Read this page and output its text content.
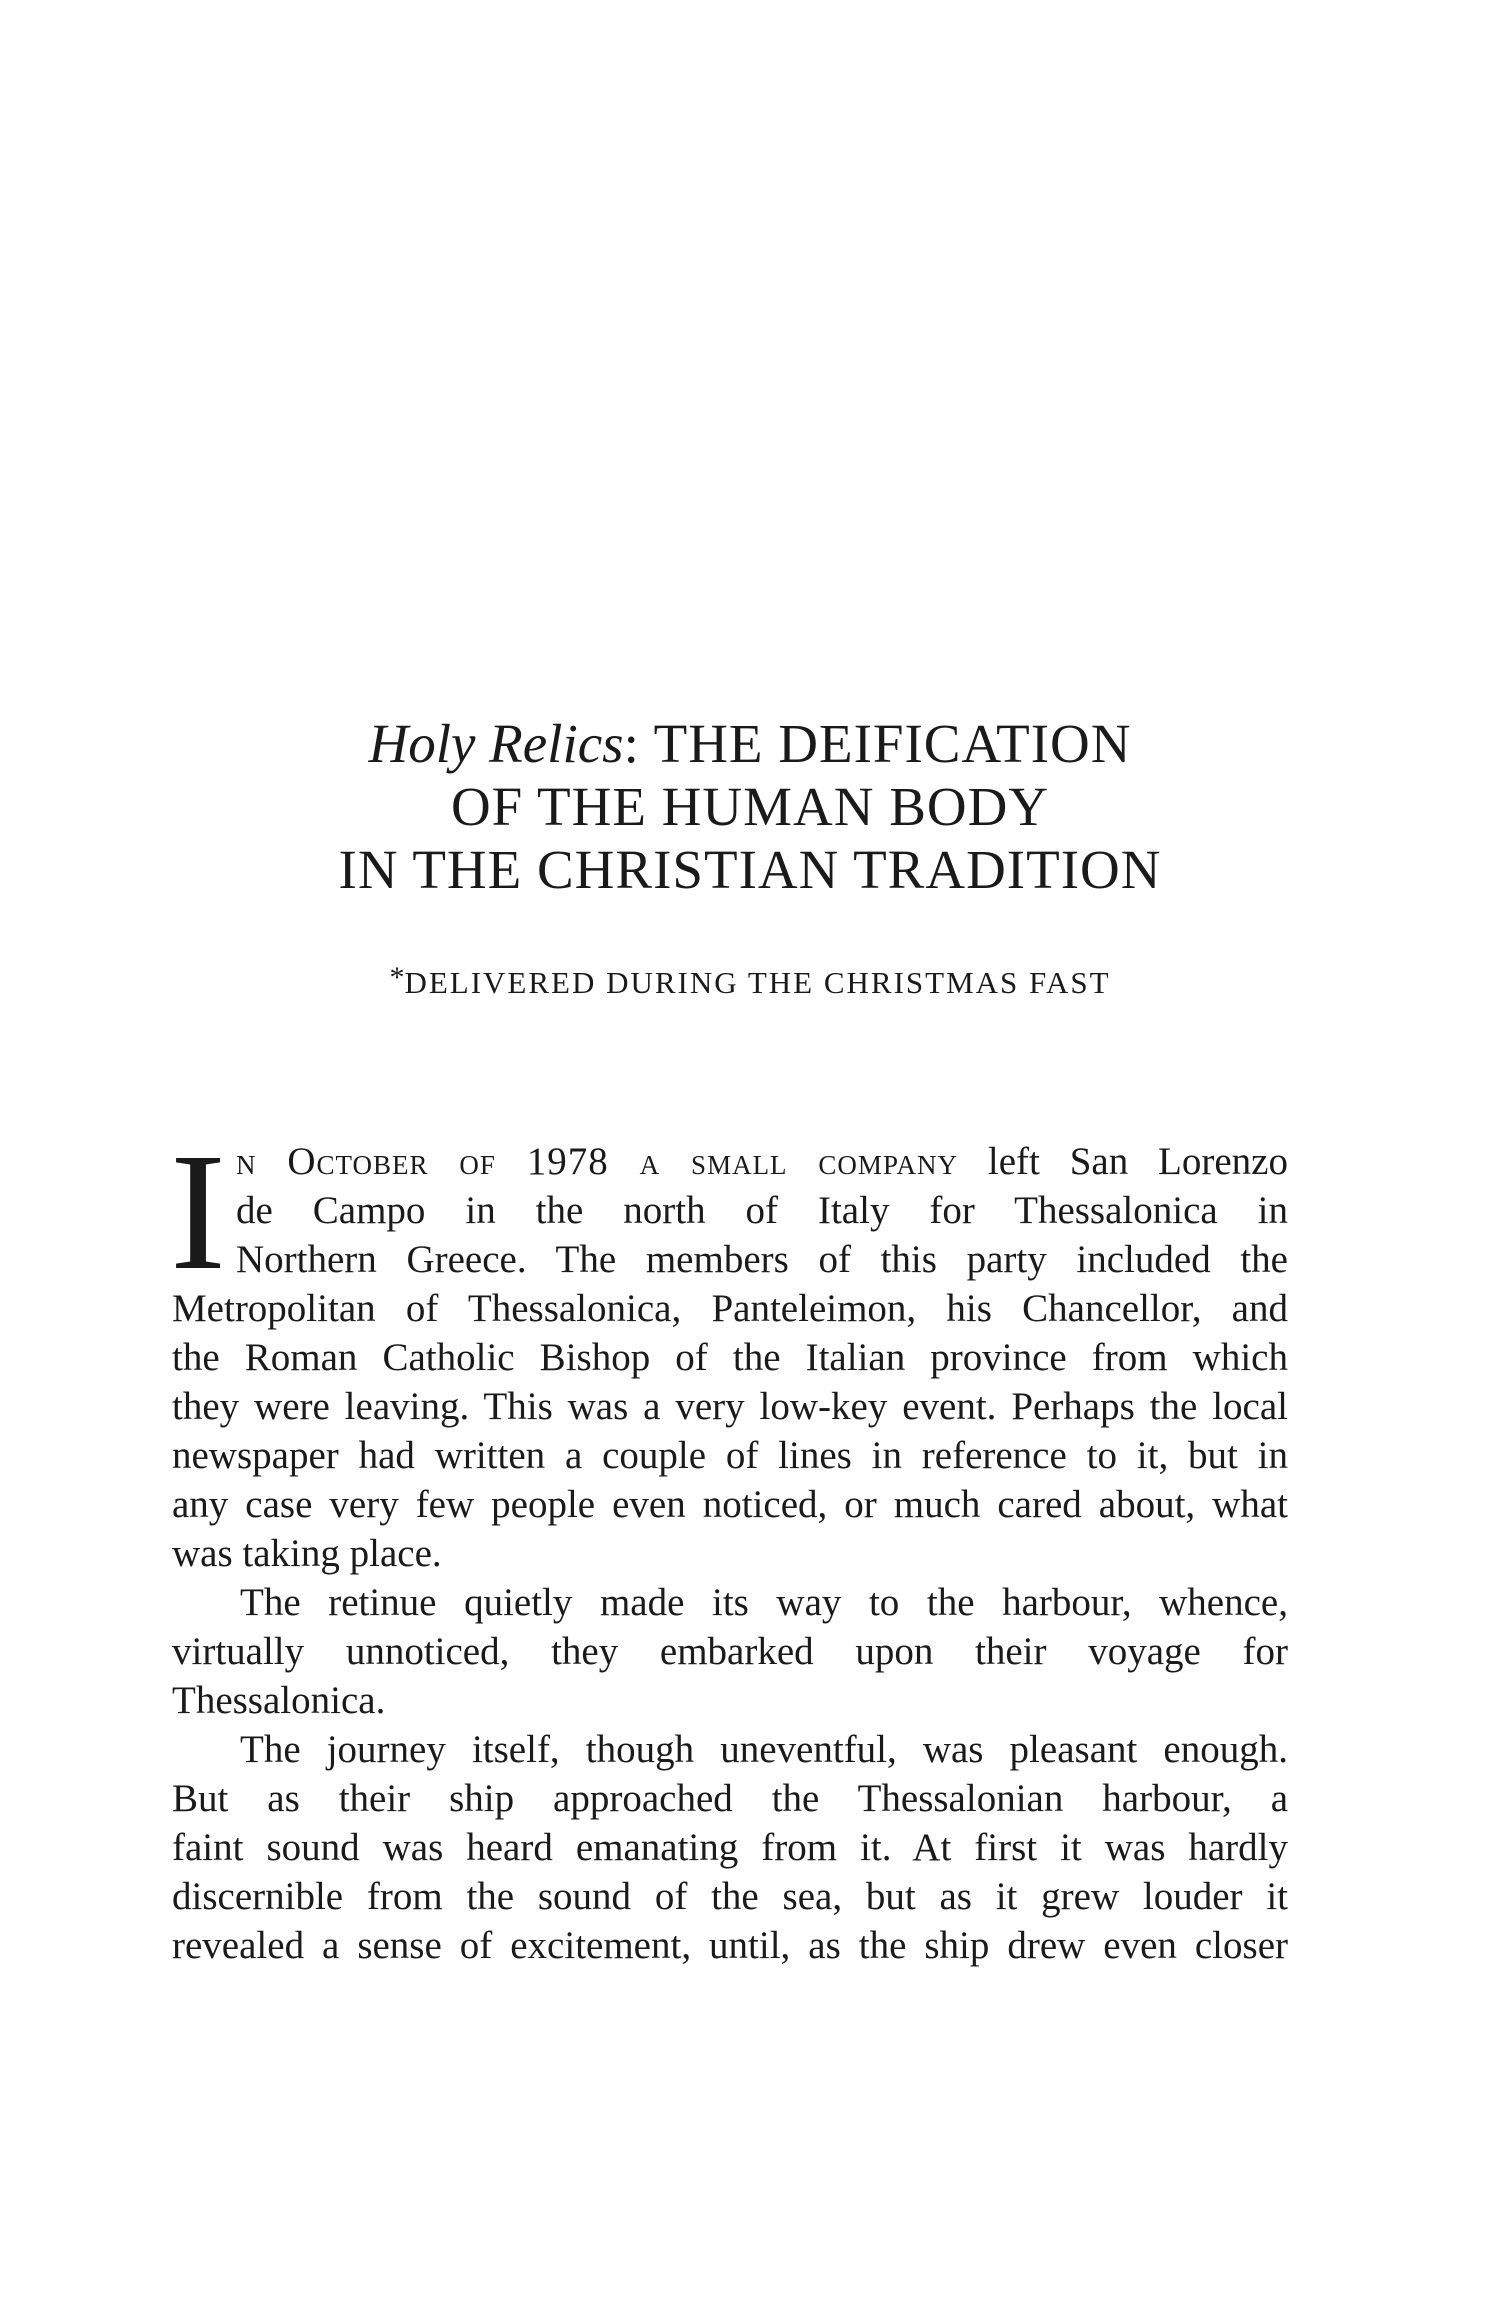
Holy Relics: THE DEIFICATION
OF THE HUMAN BODY
IN THE CHRISTIAN TRADITION
*DELIVERED DURING THE CHRISTMAS FAST
I n October of 1978 a small company left San Lorenzo
de Campo in the north of Italy for Thessalonica in
Northern Greece. The members of this party included the
Metropolitan of Thessalonica, Panteleimon, his Chancellor, and
the Roman Catholic Bishop of the Italian province from which
they were leaving. This was a very low-key event. Perhaps the local
newspaper had written a couple of lines in reference to it, but in
any case very few people even noticed, or much cared about, what
was taking place.
The retinue quietly made its way to the harbour, whence,
virtually unnoticed, they embarked upon their voyage for
Thessalonica.
The journey itself, though uneventful, was pleasant enough.
But as their ship approached the Thessalonian harbour, a
faint sound was heard emanating from it. At first it was hardly
discernible from the sound of the sea, but as it grew louder it
revealed a sense of excitement, until, as the ship drew even closer
